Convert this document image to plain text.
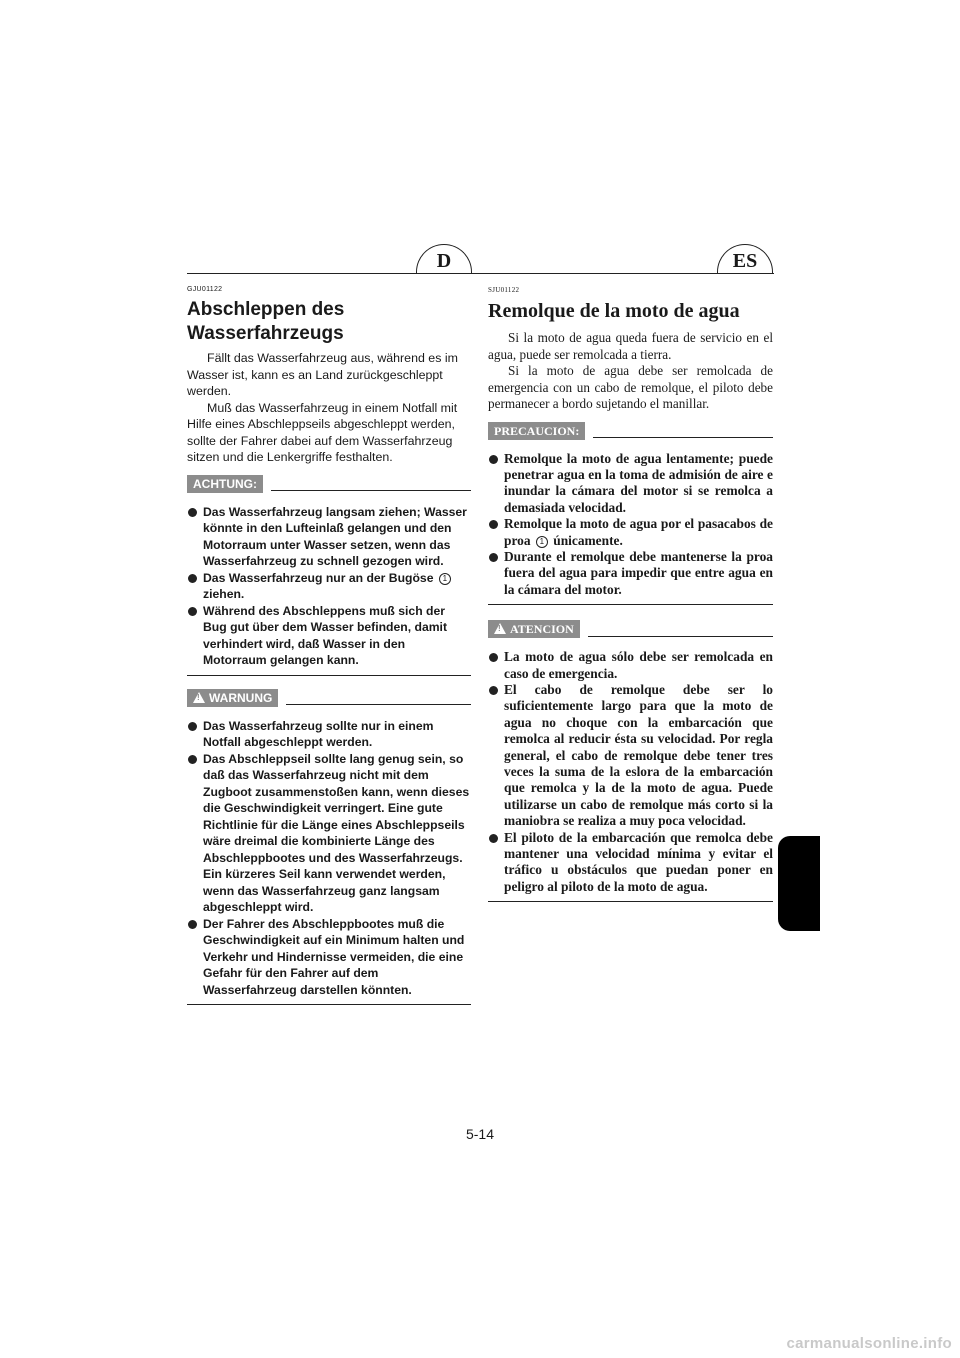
D	ES

GJU01122

Abschleppen des
Wasserfahrzeugs

Fällt das Wasserfahrzeug aus, während es im Wasser ist, kann es an Land zurückgeschleppt werden.

Muß das Wasserfahrzeug in einem Notfall mit Hilfe eines Abschleppseils abgeschleppt werden, sollte der Fahrer dabei auf dem Wasserfahrzeug sitzen und die Lenkergriffe festhalten.

ACHTUNG:
Das Wasserfahrzeug langsam ziehen; Wasser könnte in den Lufteinlaß gelangen und den Motorraum unter Wasser setzen, wenn das Wasserfahrzeug zu schnell gezogen wird.
Das Wasserfahrzeug nur an der Bugöse 1
ziehen.
Während des Abschleppens muß sich der Bug gut über dem Wasser befinden, damit verhindert wird, daß Wasser in den Motorraum gelangen kann.
! WARNUNG
Das Wasserfahrzeug sollte nur in einem Notfall abgeschleppt werden.
Das Abschleppseil sollte lang genug sein, so daß das Wasserfahrzeug nicht mit dem Zugboot zusammenstoßen kann, wenn dieses die Geschwindigkeit verringert. Eine gute Richtlinie für die Länge eines Abschleppseils wäre dreimal die kombinierte Länge des Abschleppbootes und des Wasserfahrzeugs. Ein kürzeres Seil kann verwendet werden, wenn das Wasserfahrzeug ganz langsam abgeschleppt wird.
Der Fahrer des Abschleppbootes muß die Geschwindigkeit auf ein Minimum halten und Verkehr und Hindernisse vermeiden, die eine Gefahr für den Fahrer auf dem Wasserfahrzeug darstellen könnten.

SJU01122

Remolque de la moto de agua

Si la moto de agua queda fuera de servicio en el agua, puede ser remolcada a tierra.

Si la moto de agua debe ser remolcada de emergencia con un cabo de remolque, el piloto debe permanecer a bordo sujetando el manillar.

PRECAUCION:
Remolque la moto de agua lentamente; puede penetrar agua en la toma de admisión de aire e inundar la cámara del motor si se remolca a demasiada velocidad.
Remolque la moto de agua por el pasacabos de proa 1 únicamente.
Durante el remolque debe mantenerse la proa fuera del agua para impedir que entre agua en la cámara del motor.
! ATENCION
La moto de agua sólo debe ser remolcada en caso de emergencia.
El cabo de remolque debe ser lo suficientemente largo para que la moto de agua no choque con la embarcación que remolca al reducir ésta su velocidad. Por regla general, el cabo de remolque debe tener tres veces la suma de la eslora de la embarcación que remolca y la de la moto de agua. Puede utilizarse un cabo de remolque más corto si la maniobra se realiza a muy poca velocidad.
El piloto de la embarcación que remolca debe mantener una velocidad mínima y evitar el tráfico u obstáculos que puedan poner en peligro al piloto de la moto de agua.
5-14
carmanualsonline.info
